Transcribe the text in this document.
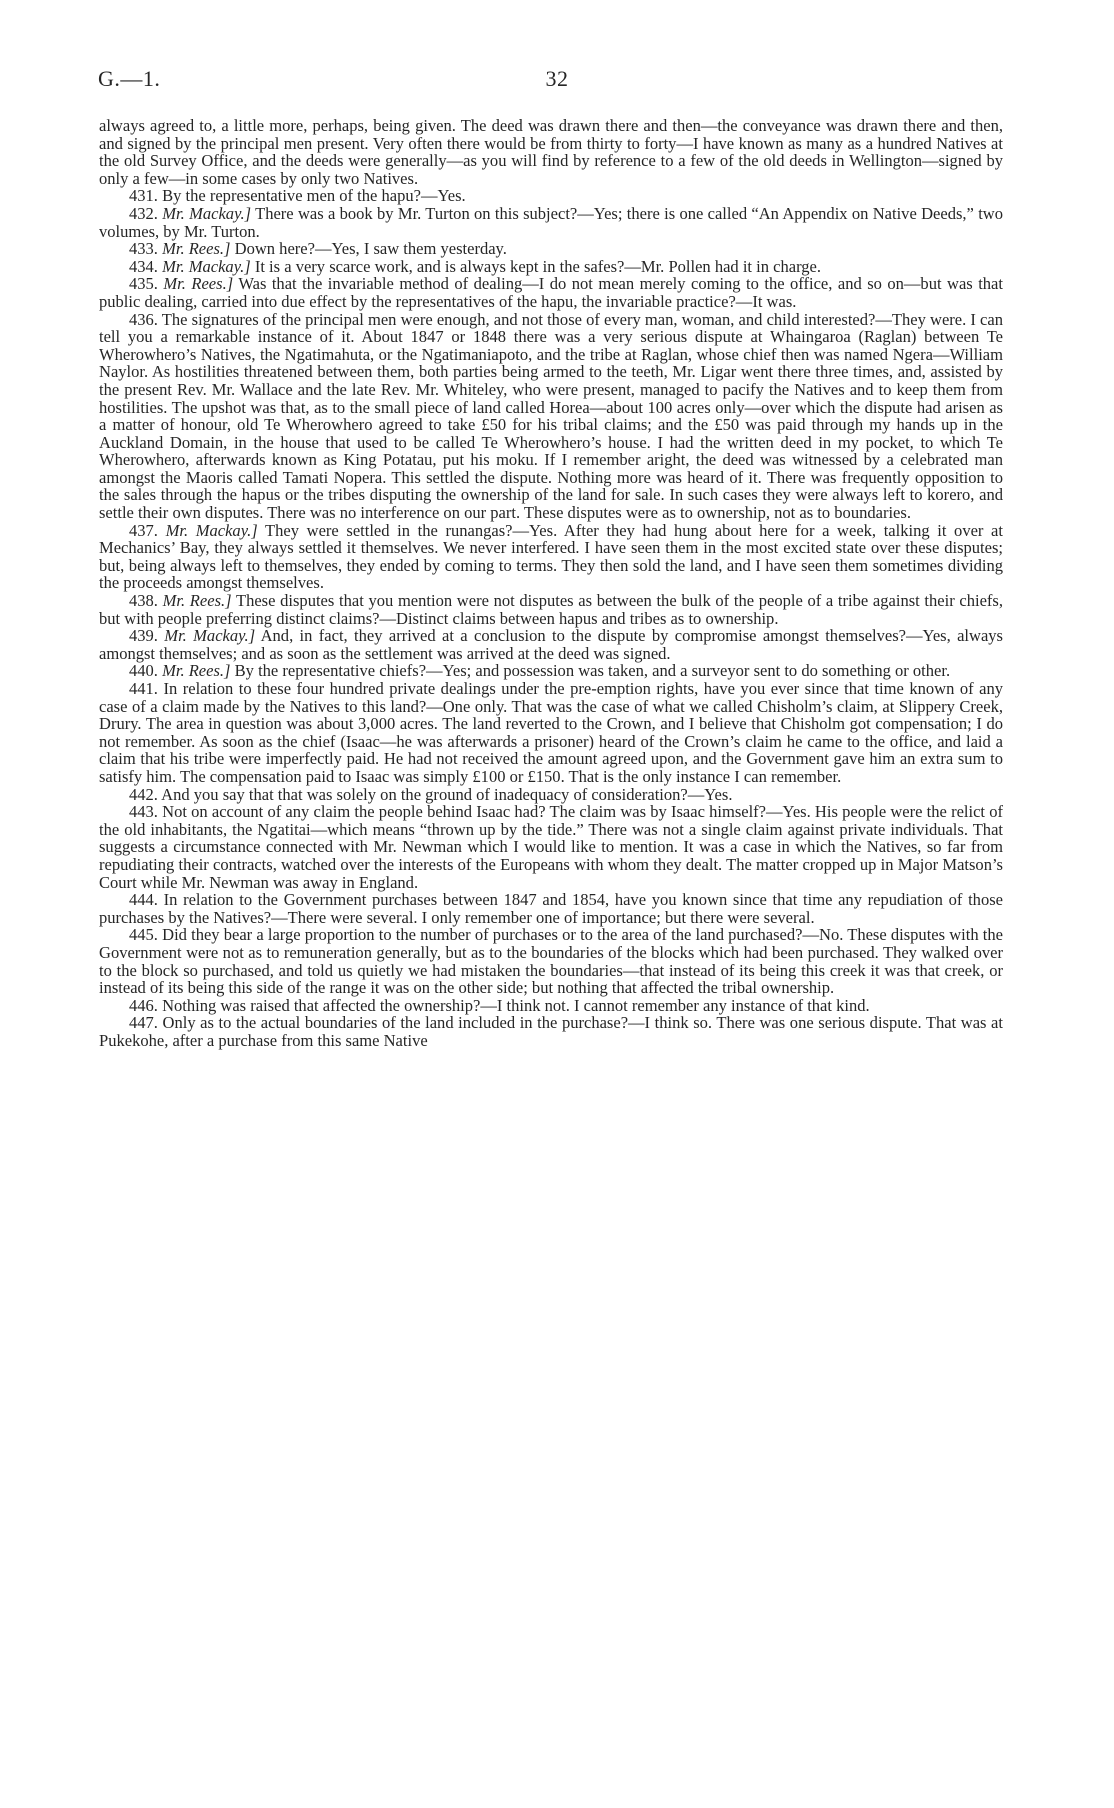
G.—1.	32

always agreed to, a little more, perhaps, being given. The deed was drawn there and then—the conveyance was drawn there and then, and signed by the principal men present. Very often there would be from thirty to forty—I have known as many as a hundred Natives at the old Survey Office, and the deeds were generally—as you will find by reference to a few of the old deeds in Wellington—signed by only a few—in some cases by only two Natives.

431. By the representative men of the hapu?—Yes.

432. Mr. Mackay.] There was a book by Mr. Turton on this subject?—Yes; there is one called “An Appendix on Native Deeds,” two volumes, by Mr. Turton.

433. Mr. Rees.] Down here?—Yes, I saw them yesterday.

434. Mr. Mackay.] It is a very scarce work, and is always kept in the safes?—Mr. Pollen had it in charge.

435. Mr. Rees.] Was that the invariable method of dealing—I do not mean merely coming to the office, and so on—but was that public dealing, carried into due effect by the representatives of the hapu, the invariable practice?—It was.

436. The signatures of the principal men were enough, and not those of every man, woman, and child interested?—They were. I can tell you a remarkable instance of it. About 1847 or 1848 there was a very serious dispute at Whaingaroa (Raglan) between Te Wherowhero’s Natives, the Ngatimahuta, or the Ngatimaniapoto, and the tribe at Raglan, whose chief then was named Ngera—William Naylor. As hostilities threatened between them, both parties being armed to the teeth, Mr. Ligar went there three times, and, assisted by the present Rev. Mr. Wallace and the late Rev. Mr. Whiteley, who were present, managed to pacify the Natives and to keep them from hostilities. The upshot was that, as to the small piece of land called Horea—about 100 acres only—over which the dispute had arisen as a matter of honour, old Te Wherowhero agreed to take £50 for his tribal claims; and the £50 was paid through my hands up in the Auckland Domain, in the house that used to be called Te Wherowhero’s house. I had the written deed in my pocket, to which Te Wherowhero, afterwards known as King Potatau, put his moku. If I remember aright, the deed was witnessed by a celebrated man amongst the Maoris called Tamati Nopera. This settled the dispute. Nothing more was heard of it. There was frequently opposition to the sales through the hapus or the tribes disputing the ownership of the land for sale. In such cases they were always left to korero, and settle their own disputes. There was no interference on our part. These disputes were as to ownership, not as to boundaries.

437. Mr. Mackay.] They were settled in the runangas?—Yes. After they had hung about here for a week, talking it over at Mechanics’ Bay, they always settled it themselves. We never interfered. I have seen them in the most excited state over these disputes; but, being always left to themselves, they ended by coming to terms. They then sold the land, and I have seen them sometimes dividing the proceeds amongst themselves.

438. Mr. Rees.] These disputes that you mention were not disputes as between the bulk of the people of a tribe against their chiefs, but with people preferring distinct claims?—Distinct claims between hapus and tribes as to ownership.

439. Mr. Mackay.] And, in fact, they arrived at a conclusion to the dispute by compromise amongst themselves?—Yes, always amongst themselves; and as soon as the settlement was arrived at the deed was signed.

440. Mr. Rees.] By the representative chiefs?—Yes; and possession was taken, and a surveyor sent to do something or other.

441. In relation to these four hundred private dealings under the pre-emption rights, have you ever since that time known of any case of a claim made by the Natives to this land?—One only. That was the case of what we called Chisholm’s claim, at Slippery Creek, Drury. The area in question was about 3,000 acres. The land reverted to the Crown, and I believe that Chisholm got compensation; I do not remember. As soon as the chief (Isaac—he was afterwards a prisoner) heard of the Crown’s claim he came to the office, and laid a claim that his tribe were imperfectly paid. He had not received the amount agreed upon, and the Government gave him an extra sum to satisfy him. The compensation paid to Isaac was simply £100 or £150. That is the only instance I can remember.

442. And you say that that was solely on the ground of inadequacy of consideration?—Yes.

443. Not on account of any claim the people behind Isaac had? The claim was by Isaac himself?—Yes. His people were the relict of the old inhabitants, the Ngatitai—which means “thrown up by the tide.” There was not a single claim against private individuals. That suggests a circumstance connected with Mr. Newman which I would like to mention. It was a case in which the Natives, so far from repudiating their contracts, watched over the interests of the Europeans with whom they dealt. The matter cropped up in Major Matson’s Court while Mr. Newman was away in England.

444. In relation to the Government purchases between 1847 and 1854, have you known since that time any repudiation of those purchases by the Natives?—There were several. I only remember one of importance; but there were several.

445. Did they bear a large proportion to the number of purchases or to the area of the land purchased?—No. These disputes with the Government were not as to remuneration generally, but as to the boundaries of the blocks which had been purchased. They walked over to the block so purchased, and told us quietly we had mistaken the boundaries—that instead of its being this creek it was that creek, or instead of its being this side of the range it was on the other side; but nothing that affected the tribal ownership.

446. Nothing was raised that affected the ownership?—I think not. I cannot remember any instance of that kind.

447. Only as to the actual boundaries of the land included in the purchase?—I think so. There was one serious dispute. That was at Pukekohe, after a purchase from this same Native
